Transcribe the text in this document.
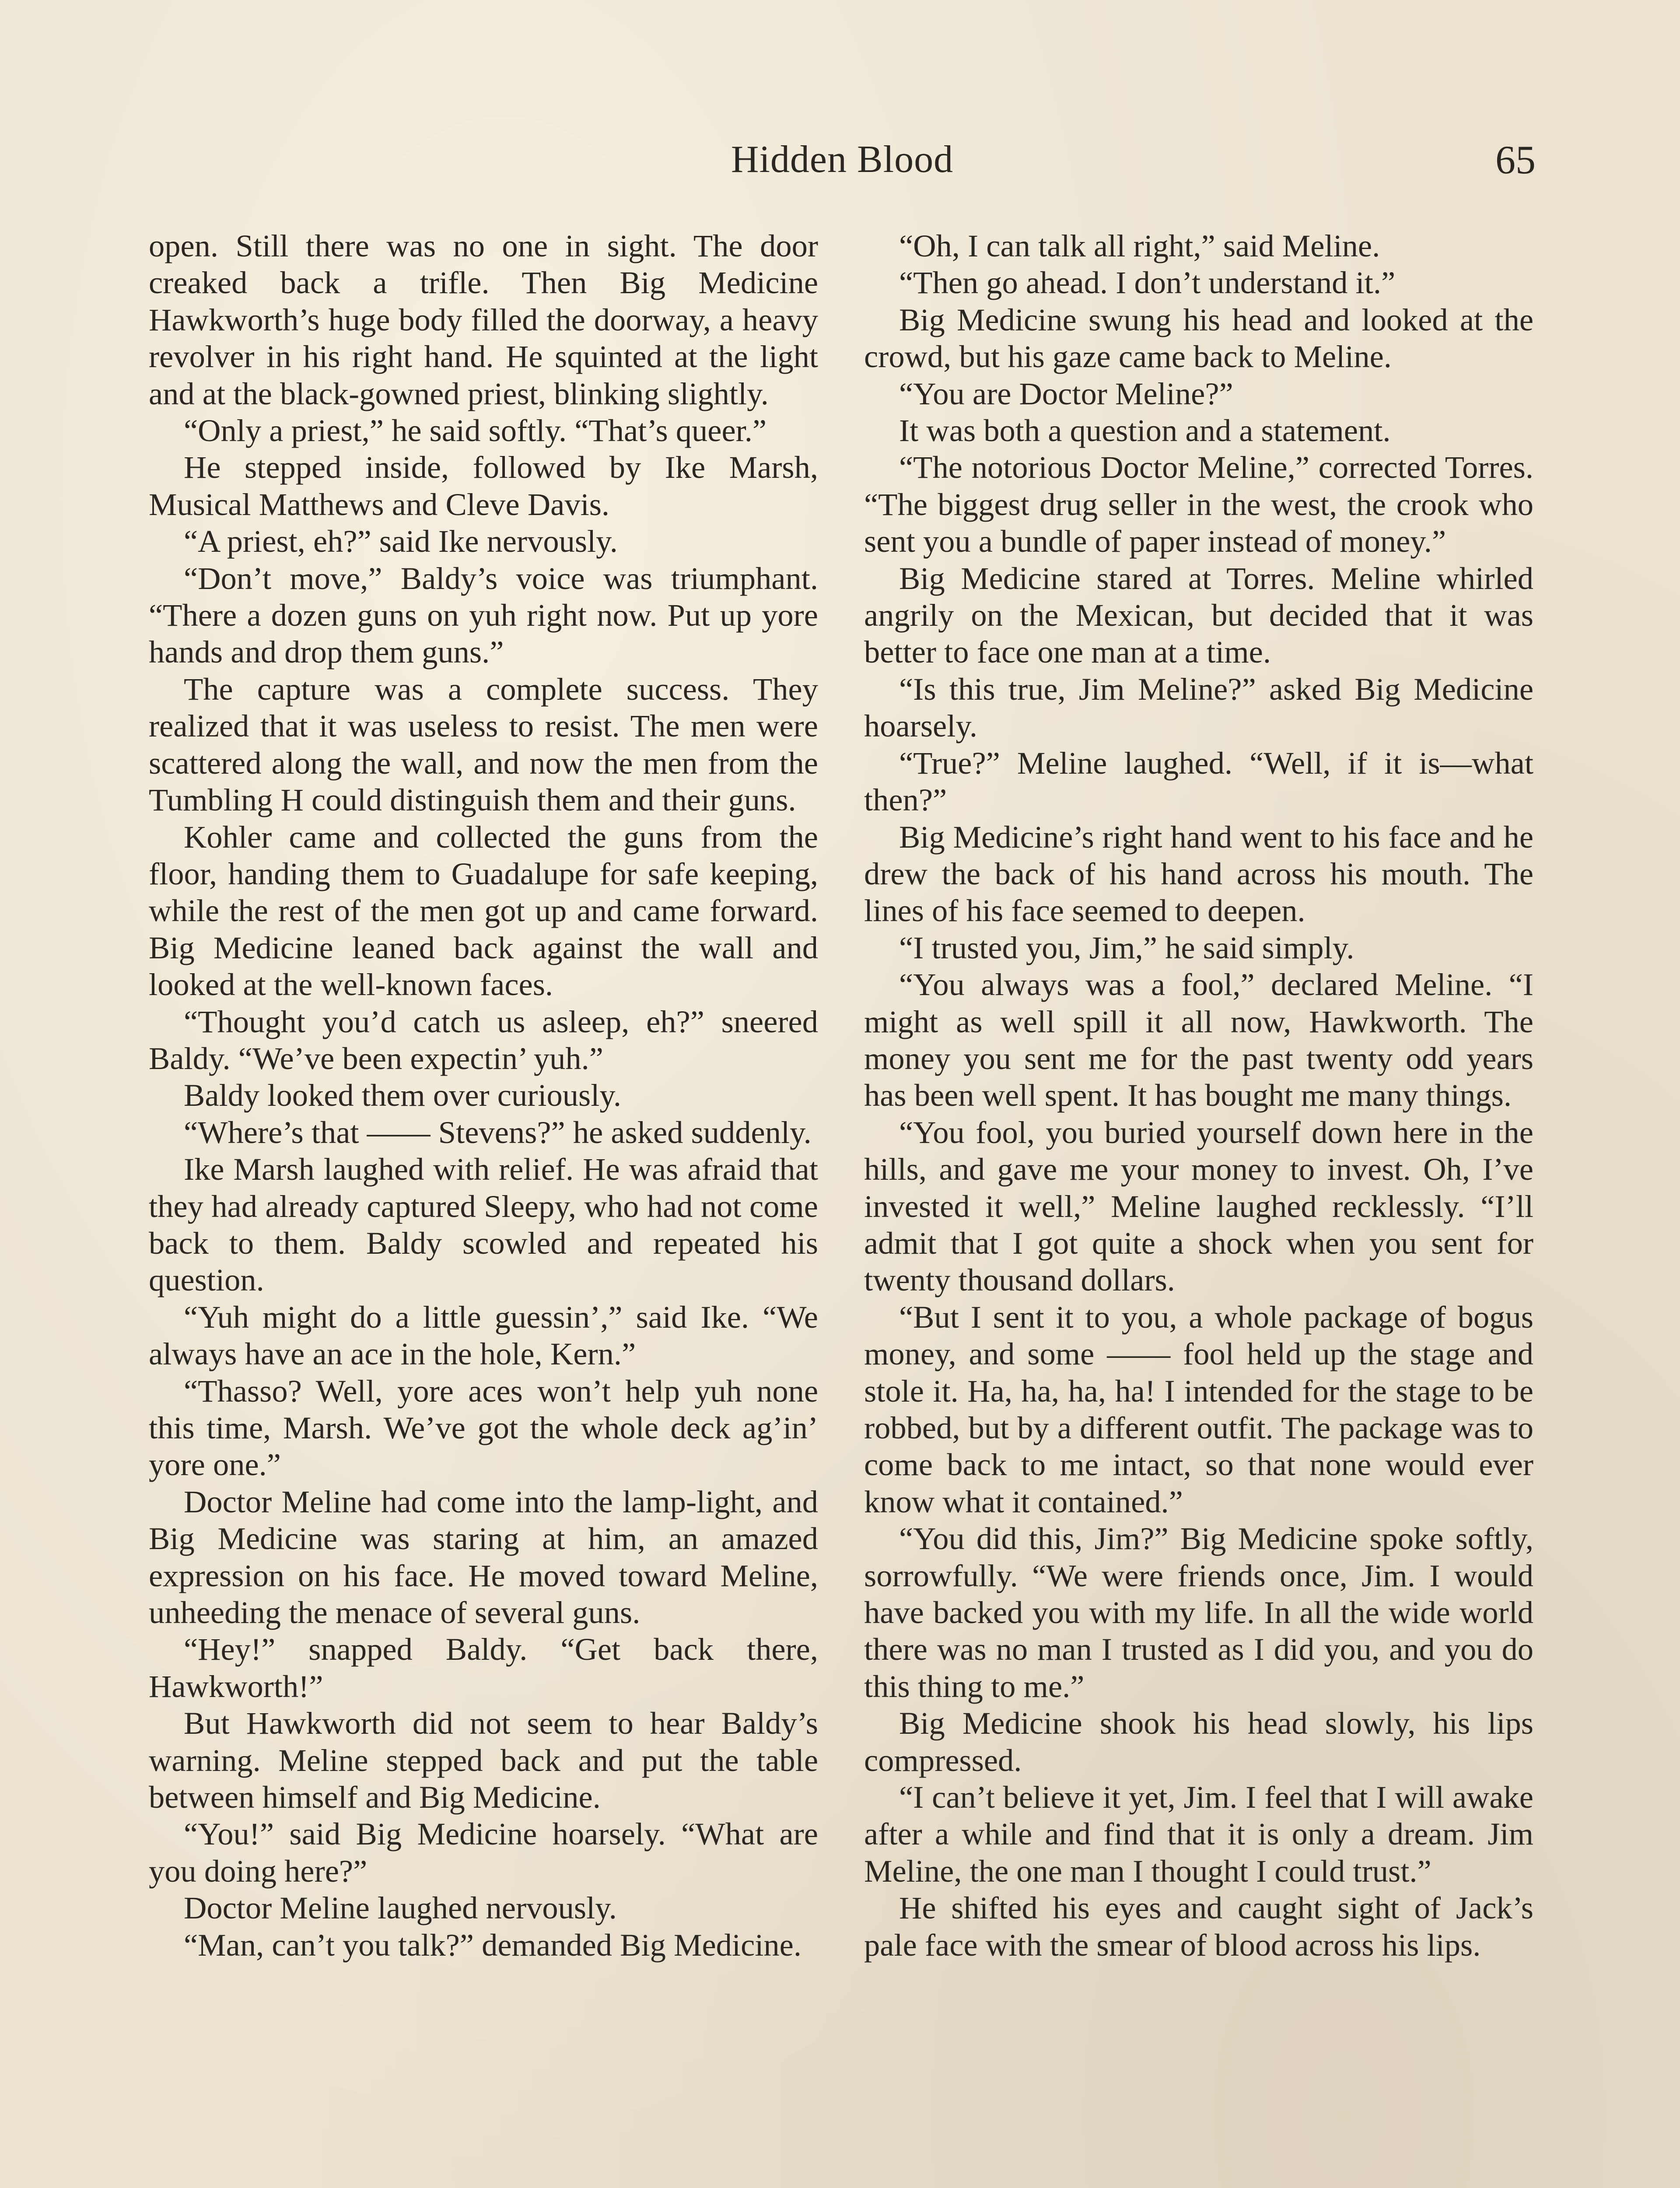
Hidden Blood	65

open. Still there was no one in sight. The door creaked back a trifle. Then Big Medicine Hawkworth’s huge body filled the doorway, a heavy revolver in his right hand. He squinted at the light and at the black-gowned priest, blinking slightly.

“Only a priest,” he said softly. “That’s queer.”

He stepped inside, followed by Ike Marsh, Musical Matthews and Cleve Davis.

“A priest, eh?” said Ike nervously.

“Don’t move,” Baldy’s voice was triumphant. “There a dozen guns on yuh right now. Put up yore hands and drop them guns.”

The capture was a complete success. They realized that it was useless to resist. The men were scattered along the wall, and now the men from the Tumbling H could distinguish them and their guns.

Kohler came and collected the guns from the floor, handing them to Guadalupe for safe keeping, while the rest of the men got up and came forward. Big Medicine leaned back against the wall and looked at the well-known faces.

“Thought you’d catch us asleep, eh?” sneered Baldy. “We’ve been expectin’ yuh.”

Baldy looked them over curiously.

“Where’s that —— Stevens?” he asked suddenly.

Ike Marsh laughed with relief. He was afraid that they had already captured Sleepy, who had not come back to them. Baldy scowled and repeated his question.

“Yuh might do a little guessin’,” said Ike. “We always have an ace in the hole, Kern.”

“Thasso? Well, yore aces won’t help yuh none this time, Marsh. We’ve got the whole deck ag’in’ yore one.”

Doctor Meline had come into the lamp-light, and Big Medicine was staring at him, an amazed expression on his face. He moved toward Meline, unheeding the menace of several guns.

“Hey!” snapped Baldy. “Get back there, Hawkworth!”

But Hawkworth did not seem to hear Baldy’s warning. Meline stepped back and put the table between himself and Big Medicine.

“You!” said Big Medicine hoarsely. “What are you doing here?”

Doctor Meline laughed nervously.

“Man, can’t you talk?” demanded Big Medicine.

“Oh, I can talk all right,” said Meline.

“Then go ahead. I don’t understand it.”

Big Medicine swung his head and looked at the crowd, but his gaze came back to Meline.

“You are Doctor Meline?”

It was both a question and a statement.

“The notorious Doctor Meline,” corrected Torres. “The biggest drug seller in the west, the crook who sent you a bundle of paper instead of money.”

Big Medicine stared at Torres. Meline whirled angrily on the Mexican, but decided that it was better to face one man at a time.

“Is this true, Jim Meline?” asked Big Medicine hoarsely.

“True?” Meline laughed. “Well, if it is—what then?”

Big Medicine’s right hand went to his face and he drew the back of his hand across his mouth. The lines of his face seemed to deepen.

“I trusted you, Jim,” he said simply.

“You always was a fool,” declared Meline. “I might as well spill it all now, Hawkworth. The money you sent me for the past twenty odd years has been well spent. It has bought me many things.

“You fool, you buried yourself down here in the hills, and gave me your money to invest. Oh, I’ve invested it well,” Meline laughed recklessly. “I’ll admit that I got quite a shock when you sent for twenty thousand dollars.

“But I sent it to you, a whole package of bogus money, and some —— fool held up the stage and stole it. Ha, ha, ha, ha! I intended for the stage to be robbed, but by a different outfit. The package was to come back to me intact, so that none would ever know what it contained.”

“You did this, Jim?” Big Medicine spoke softly, sorrowfully. “We were friends once, Jim. I would have backed you with my life. In all the wide world there was no man I trusted as I did you, and you do this thing to me.”

Big Medicine shook his head slowly, his lips compressed.

“I can’t believe it yet, Jim. I feel that I will awake after a while and find that it is only a dream. Jim Meline, the one man I thought I could trust.”

He shifted his eyes and caught sight of Jack’s pale face with the smear of blood across his lips.
